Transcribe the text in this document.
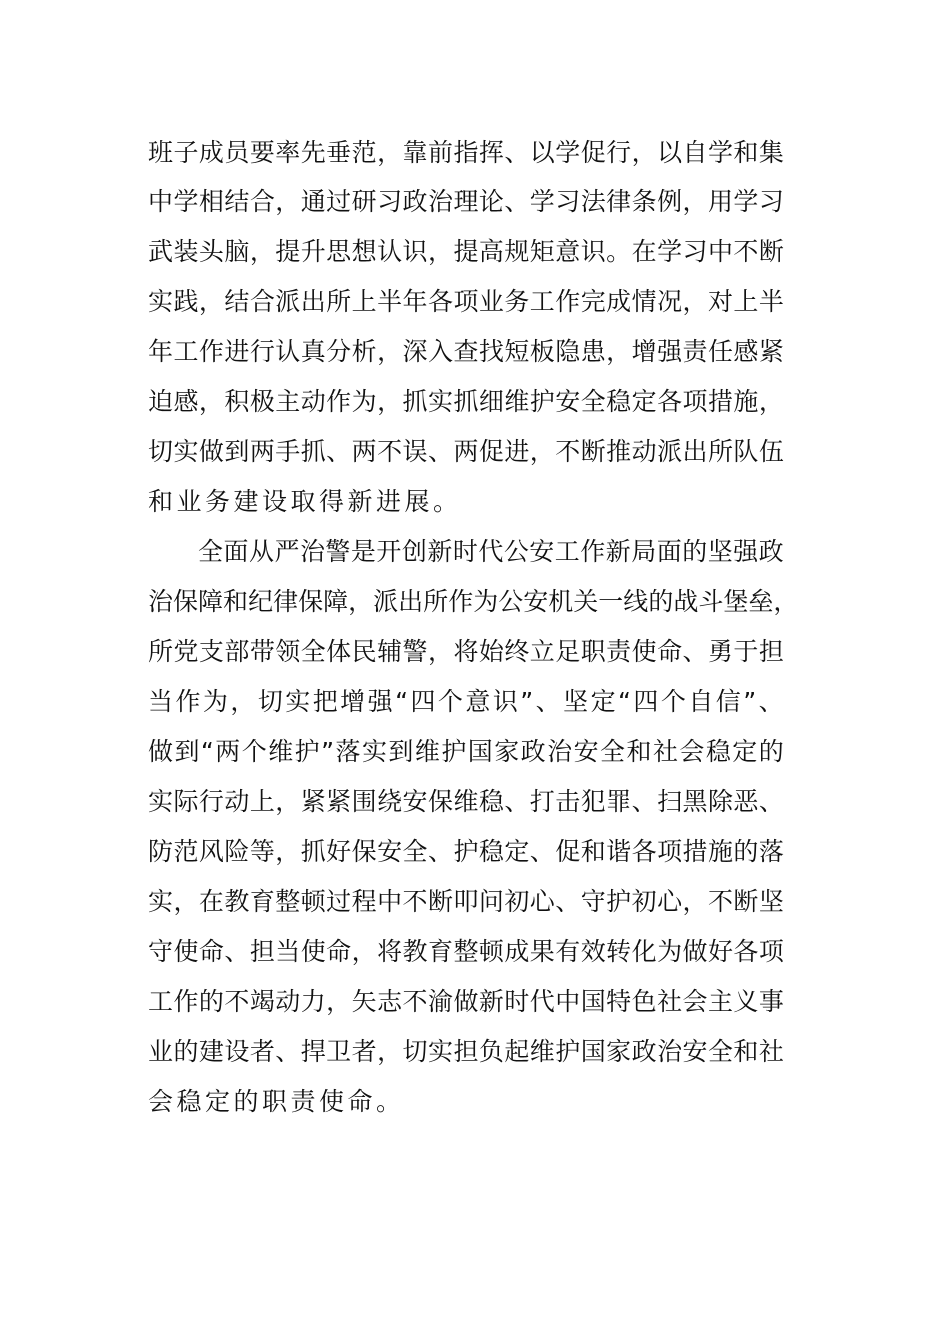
班 子 成 员 要 率 先 垂 范 ， 靠 前 指 挥 、 以 学 促 行 ， 以 自 学 和 集
中 学 相 结 合 ， 通 过 研 习 政 治 理 论 、 学 习 法 律 条 例 ， 用 学 习
武 装 头 脑 ， 提 升 思 想 认 识 ， 提 高 规 矩 意 识 。 在 学 习 中 不 断
实 践 ， 结 合 派 出 所 上 半 年 各 项 业 务 工 作 完 成 情 况 ， 对 上 半
年 工 作 进 行 认 真 分 析 ， 深 入 查 找 短 板 隐 患 ， 增 强 责 任 感 紧
迫 感 ， 积 极 主 动 作 为 ， 抓 实 抓 细 维 护 安 全 稳 定 各 项 措 施 ，
切 实 做 到 两 手 抓 、 两 不 误 、 两 促 进 ， 不 断 推 动 派 出 所 队 伍
和业务建设取得新进展。
全 面 从 严 治 警 是 开 创 新 时 代 公 安 工 作 新 局 面 的 坚 强 政
治 保 障 和 纪 律 保 障 ， 派 出 所 作 为 公 安 机 关 一 线 的 战 斗 堡 垒 ，
所 党 支 部 带 领 全 体 民 辅 警 ， 将 始 终 立 足 职 责 使 命 、 勇 于 担
当 作 为 ， 切 实 把 增 强 “ 四 个 意 识 ” 、 坚 定 “ 四 个 自 信 ” 、
做 到 “ 两 个 维 护 ” 落 实 到 维 护 国 家 政 治 安 全 和 社 会 稳 定 的
实 际 行 动 上 ， 紧 紧 围 绕 安 保 维 稳 、 打 击 犯 罪 、 扫 黑 除 恶 、
防 范 风 险 等 ， 抓 好 保 安 全 、 护 稳 定 、 促 和 谐 各 项 措 施 的 落
实 ， 在 教 育 整 顿 过 程 中 不 断 叩 问 初 心 、 守 护 初 心 ， 不 断 坚
守 使 命 、 担 当 使 命 ， 将 教 育 整 顿 成 果 有 效 转 化 为 做 好 各 项
工 作 的 不 竭 动 力 ， 矢 志 不 渝 做 新 时 代 中 国 特 色 社 会 主 义 事
业 的 建 设 者 、 捍 卫 者 ， 切 实 担 负 起 维 护 国 家 政 治 安 全 和 社
会稳定的职责使命。
